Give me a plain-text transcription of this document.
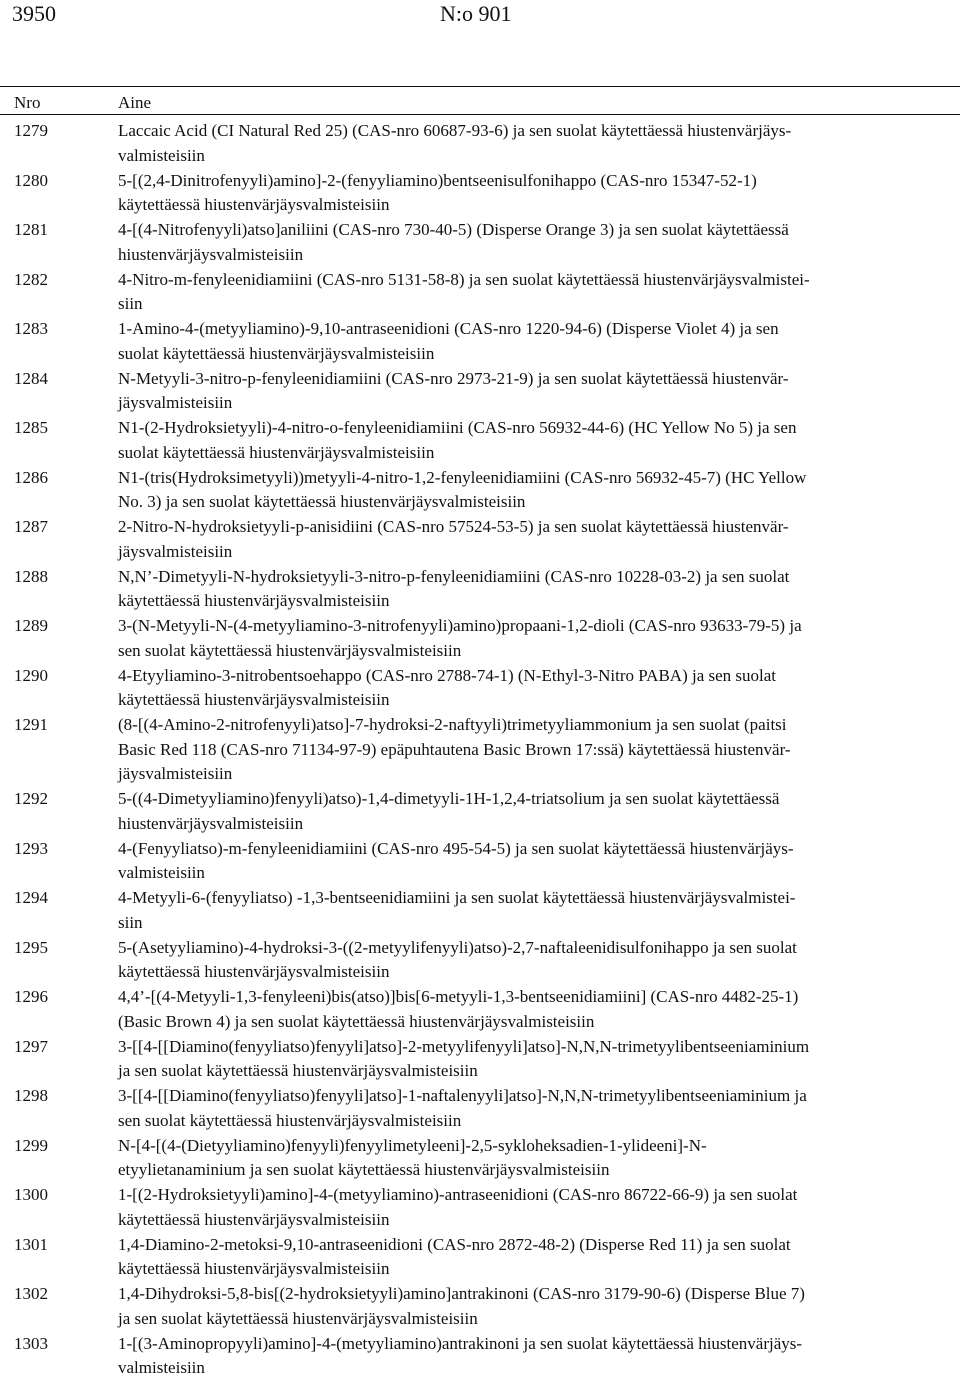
3950	N:o 901
Nro	Aine
1279	Laccaic Acid (CI Natural Red 25) (CAS-nro 60687-93-6) ja sen suolat käytettäessä hiustenvärjäys-
valmisteisiin
1280	5-[(2,4-Dinitrofenyyli)amino]-2-(fenyyliamino)bentseenisulfonihappo (CAS-nro 15347-52-1)
käytettäessä hiustenvärjäysvalmisteisiin
1281	4-[(4-Nitrofenyyli)atso]aniliini (CAS-nro 730-40-5) (Disperse Orange 3) ja sen suolat käytettäessä
hiustenvärjäysvalmisteisiin
1282	4-Nitro-m-fenyleenidiamiini (CAS-nro 5131-58-8) ja sen suolat käytettäessä hiustenvärjäysvalmistei-
siin
1283	1-Amino-4-(metyyliamino)-9,10-antraseenidioni (CAS-nro 1220-94-6) (Disperse Violet 4) ja sen
suolat käytettäessä hiustenvärjäysvalmisteisiin
1284	N-Metyyli-3-nitro-p-fenyleenidiamiini (CAS-nro 2973-21-9) ja sen suolat käytettäessä hiustenvär-
jäysvalmisteisiin
1285	N1-(2-Hydroksietyyli)-4-nitro-o-fenyleenidiamiini (CAS-nro 56932-44-6) (HC Yellow No 5) ja sen
suolat käytettäessä hiustenvärjäysvalmisteisiin
1286	N1-(tris(Hydroksimetyyli))metyyli-4-nitro-1,2-fenyleenidiamiini (CAS-nro 56932-45-7) (HC Yellow
No. 3) ja sen suolat käytettäessä hiustenvärjäysvalmisteisiin
1287	2-Nitro-N-hydroksietyyli-p-anisidiini (CAS-nro 57524-53-5) ja sen suolat käytettäessä hiustenvär-
jäysvalmisteisiin
1288	N,N’-Dimetyyli-N-hydroksietyyli-3-nitro-p-fenyleenidiamiini (CAS-nro 10228-03-2) ja sen suolat
käytettäessä hiustenvärjäysvalmisteisiin
1289	3-(N-Metyyli-N-(4-metyyliamino-3-nitrofenyyli)amino)propaani-1,2-dioli (CAS-nro 93633-79-5) ja
sen suolat käytettäessä hiustenvärjäysvalmisteisiin
1290	4-Etyyliamino-3-nitrobentsoehappo (CAS-nro 2788-74-1) (N-Ethyl-3-Nitro PABA) ja sen suolat
käytettäessä hiustenvärjäysvalmisteisiin
1291	(8-[(4-Amino-2-nitrofenyyli)atso]-7-hydroksi-2-naftyyli)trimetyyliammonium ja sen suolat (paitsi
Basic Red 118 (CAS-nro 71134-97-9) epäpuhtautena Basic Brown 17:ssä) käytettäessä hiustenvär-
jäysvalmisteisiin
1292	5-((4-Dimetyyliamino)fenyyli)atso)-1,4-dimetyyli-1H-1,2,4-triatsolium ja sen suolat käytettäessä
hiustenvärjäysvalmisteisiin
1293	4-(Fenyyliatso)-m-fenyleenidiamiini (CAS-nro 495-54-5) ja sen suolat käytettäessä hiustenvärjäys-
valmisteisiin
1294	4-Metyyli-6-(fenyyliatso) -1,3-bentseenidiamiini ja sen suolat käytettäessä hiustenvärjäysvalmistei-
siin
1295	5-(Asetyyliamino)-4-hydroksi-3-((2-metyylifenyyli)atso)-2,7-naftaleenidisulfonihappo ja sen suolat
käytettäessä hiustenvärjäysvalmisteisiin
1296	4,4’-[(4-Metyyli-1,3-fenyleeni)bis(atso)]bis[6-metyyli-1,3-bentseenidiamiini] (CAS-nro 4482-25-1)
(Basic Brown 4) ja sen suolat käytettäessä hiustenvärjäysvalmisteisiin
1297	3-[[4-[[Diamino(fenyyliatso)fenyyli]atso]-2-metyylifenyyli]atso]-N,N,N-trimetyylibentseeniaminium
ja sen suolat käytettäessä hiustenvärjäysvalmisteisiin
1298	3-[[4-[[Diamino(fenyyliatso)fenyyli]atso]-1-naftalenyyli]atso]-N,N,N-trimetyylibentseeniaminium ja
sen suolat käytettäessä hiustenvärjäysvalmisteisiin
1299	N-[4-[(4-(Dietyyliamino)fenyyli)fenyylimetyleeni]-2,5-sykloheksadien-1-ylideeni]-N-
etyylietanaminium ja sen suolat käytettäessä hiustenvärjäysvalmisteisiin
1300	1-[(2-Hydroksietyyli)amino]-4-(metyyliamino)-antraseenidioni (CAS-nro 86722-66-9) ja sen suolat
käytettäessä hiustenvärjäysvalmisteisiin
1301	1,4-Diamino-2-metoksi-9,10-antraseenidioni (CAS-nro 2872-48-2) (Disperse Red 11) ja sen suolat
käytettäessä hiustenvärjäysvalmisteisiin
1302	1,4-Dihydroksi-5,8-bis[(2-hydroksietyyli)amino]antrakinoni (CAS-nro 3179-90-6) (Disperse Blue 7)
ja sen suolat käytettäessä hiustenvärjäysvalmisteisiin
1303	1-[(3-Aminopropyyli)amino]-4-(metyyliamino)antrakinoni ja sen suolat käytettäessä hiustenvärjäys-
valmisteisiin
